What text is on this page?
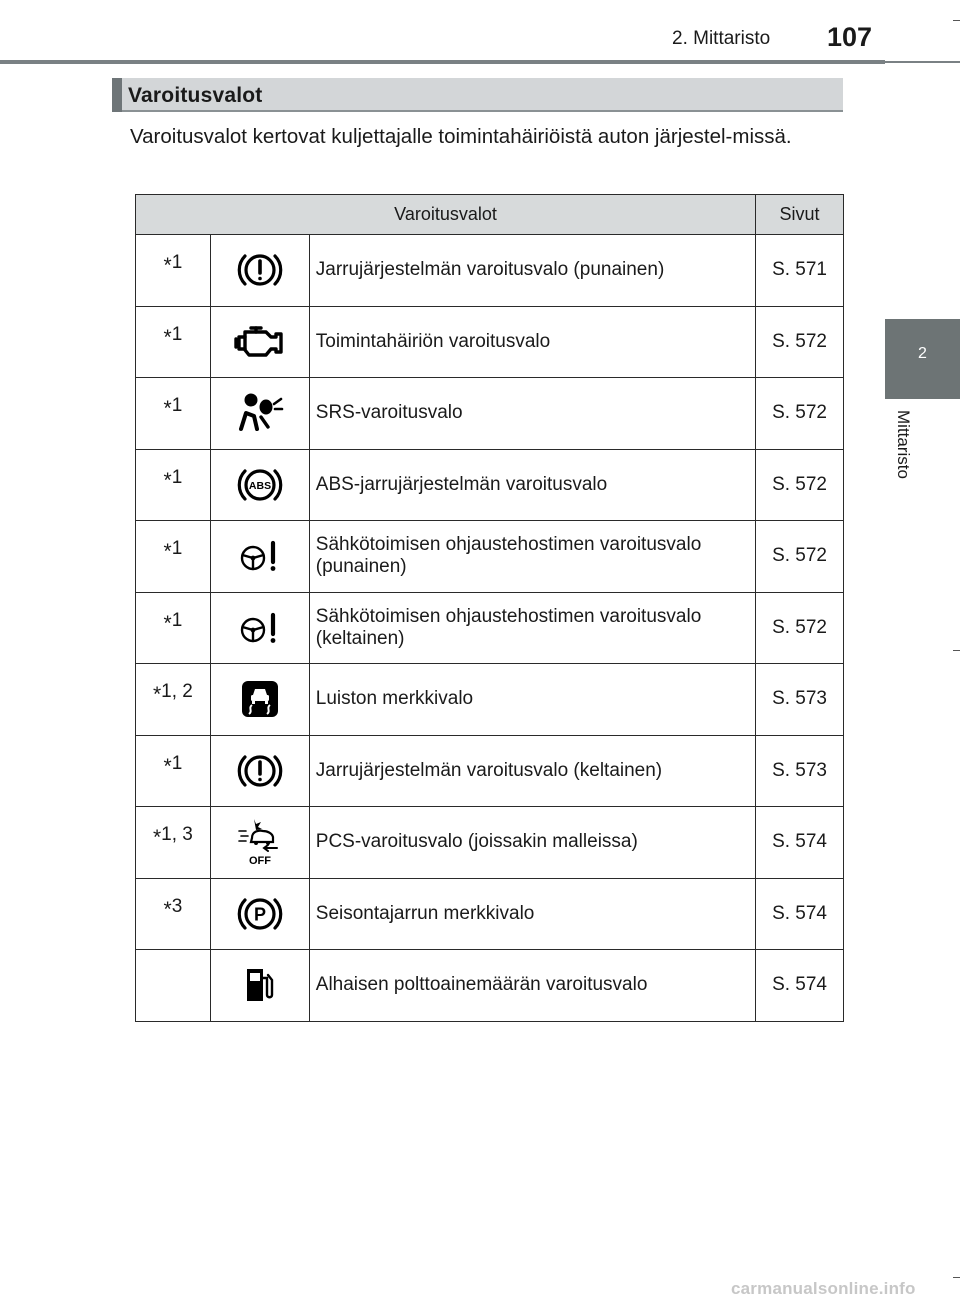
2. Mittaristo 107
2
Mittaristo
Varoitusvalot
Varoitusvalot kertovat kuljettajalle toimintahäiriöistä auton järjestel-missä.
Varoitusvalot			Sivut
*1		Jarrujärjestelmän varoitusvalo (punainen)	S. 571
*1		Toimintahäiriön varoitusvalo	S. 572
*1		SRS-varoitusvalo	S. 572
*1	ABS	ABS-jarrujärjestelmän varoitusvalo	S. 572
*1		Sähkötoimisen ohjaustehostimen varoitusvalo (punainen)	S. 572
*1		Sähkötoimisen ohjaustehostimen varoitusvalo (keltainen)	S. 572
*1, 2		Luiston merkkivalo	S. 573
*1		Jarrujärjestelmän varoitusvalo (keltainen)	S. 573
*1, 3	OFF	PCS-varoitusvalo (joissakin malleissa)	S. 574
*3	P	Seisontajarrun merkkivalo	S. 574
		Alhaisen polttoainemäärän varoitusvalo	S. 574
carmanualsonline.info
